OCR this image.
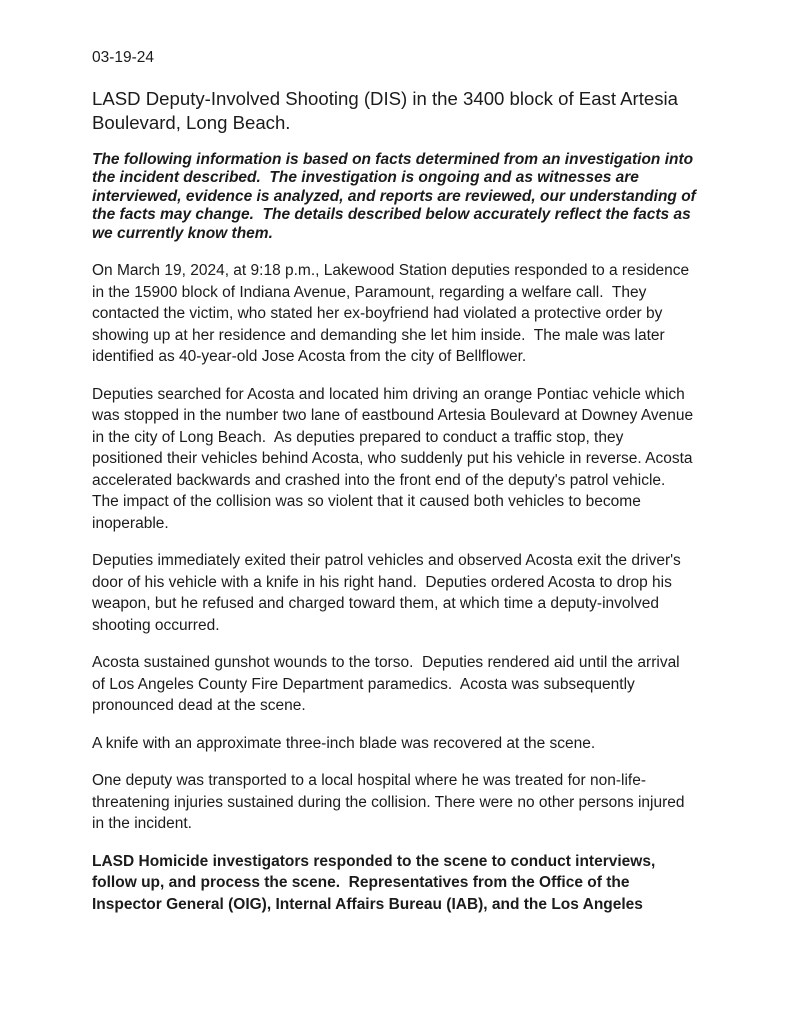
03-19-24

LASD Deputy-Involved Shooting (DIS) in the 3400 block of East Artesia Boulevard, Long Beach.

The following information is based on facts determined from an investigation into the incident described.  The investigation is ongoing and as witnesses are interviewed, evidence is analyzed, and reports are reviewed, our understanding of the facts may change.  The details described below accurately reflect the facts as we currently know them.

On March 19, 2024, at 9:18 p.m., Lakewood Station deputies responded to a residence in the 15900 block of Indiana Avenue, Paramount, regarding a welfare call.  They contacted the victim, who stated her ex-boyfriend had violated a protective order by showing up at her residence and demanding she let him inside.  The male was later identified as 40-year-old Jose Acosta from the city of Bellflower.

Deputies searched for Acosta and located him driving an orange Pontiac vehicle which was stopped in the number two lane of eastbound Artesia Boulevard at Downey Avenue in the city of Long Beach.  As deputies prepared to conduct a traffic stop, they positioned their vehicles behind Acosta, who suddenly put his vehicle in reverse. Acosta accelerated backwards and crashed into the front end of the deputy's patrol vehicle.  The impact of the collision was so violent that it caused both vehicles to become inoperable.

Deputies immediately exited their patrol vehicles and observed Acosta exit the driver's door of his vehicle with a knife in his right hand.  Deputies ordered Acosta to drop his weapon, but he refused and charged toward them, at which time a deputy-involved shooting occurred.

Acosta sustained gunshot wounds to the torso.  Deputies rendered aid until the arrival of Los Angeles County Fire Department paramedics.  Acosta was subsequently pronounced dead at the scene.

A knife with an approximate three-inch blade was recovered at the scene.

One deputy was transported to a local hospital where he was treated for non-life-threatening injuries sustained during the collision. There were no other persons injured in the incident.

LASD Homicide investigators responded to the scene to conduct interviews, follow up, and process the scene.  Representatives from the Office of the Inspector General (OIG), Internal Affairs Bureau (IAB), and the Los Angeles
